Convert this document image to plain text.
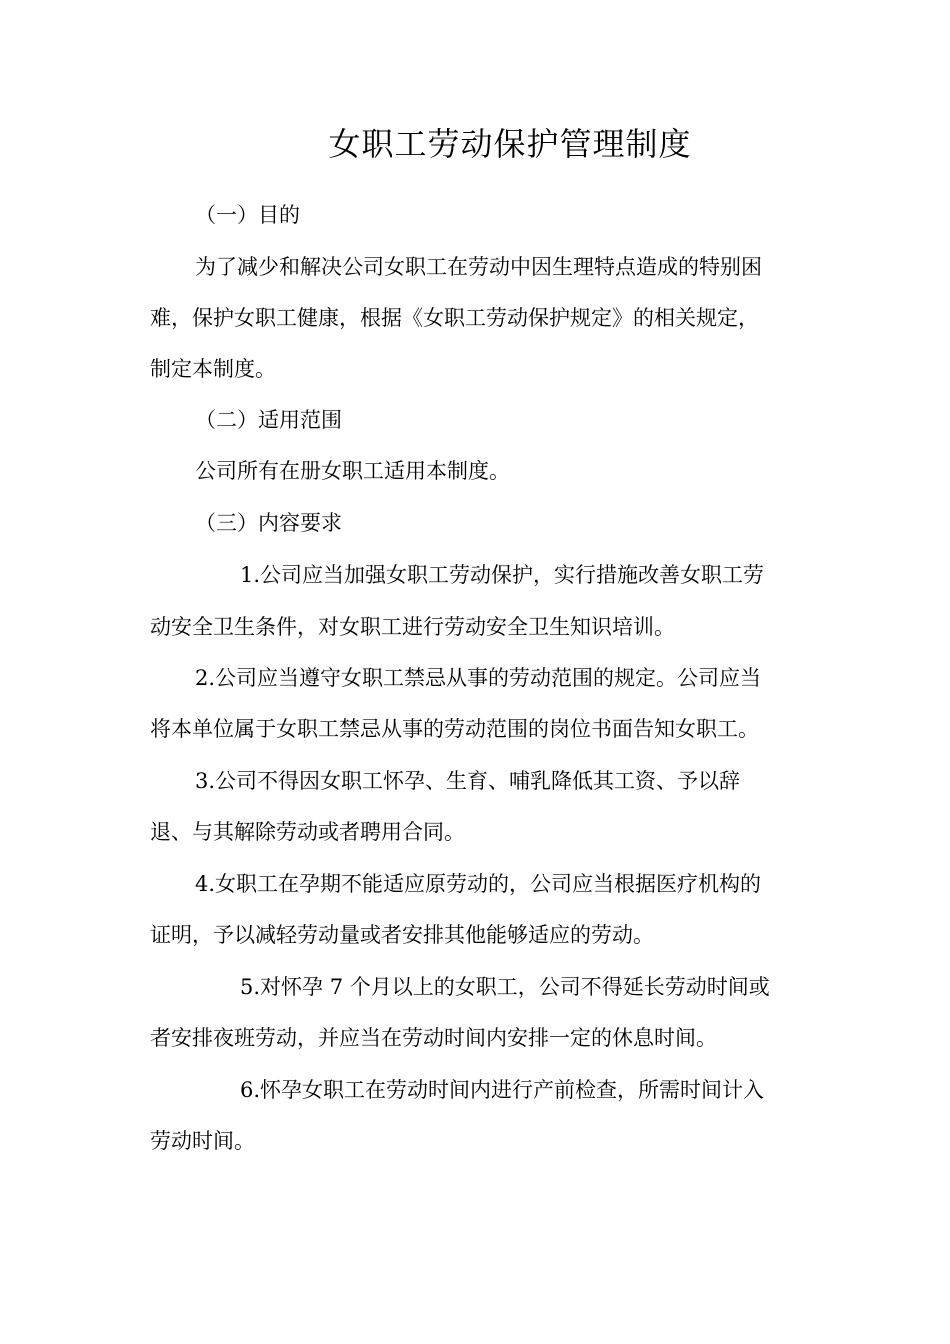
女职工劳动保护管理制度
（一）目的
为了减少和解决公司女职工在劳动中因生理特点造成的特别困
难，保护女职工健康，根据《女职工劳动保护规定》的相关规定，
制定本制度。
（二）适用范围
公司所有在册女职工适用本制度。
（三）内容要求
1.公司应当加强女职工劳动保护，实行措施改善女职工劳
动安全卫生条件，对女职工进行劳动安全卫生知识培训。
2.公司应当遵守女职工禁忌从事的劳动范围的规定。公司应当
将本单位属于女职工禁忌从事的劳动范围的岗位书面告知女职工。
3.公司不得因女职工怀孕、生育、哺乳降低其工资、予以辞
退、与其解除劳动或者聘用合同。
4.女职工在孕期不能适应原劳动的，公司应当根据医疗机构的
证明，予以减轻劳动量或者安排其他能够适应的劳动。
5.对怀孕 7 个月以上的女职工，公司不得延长劳动时间或
者安排夜班劳动，并应当在劳动时间内安排一定的休息时间。
6.怀孕女职工在劳动时间内进行产前检查，所需时间计入
劳动时间。
